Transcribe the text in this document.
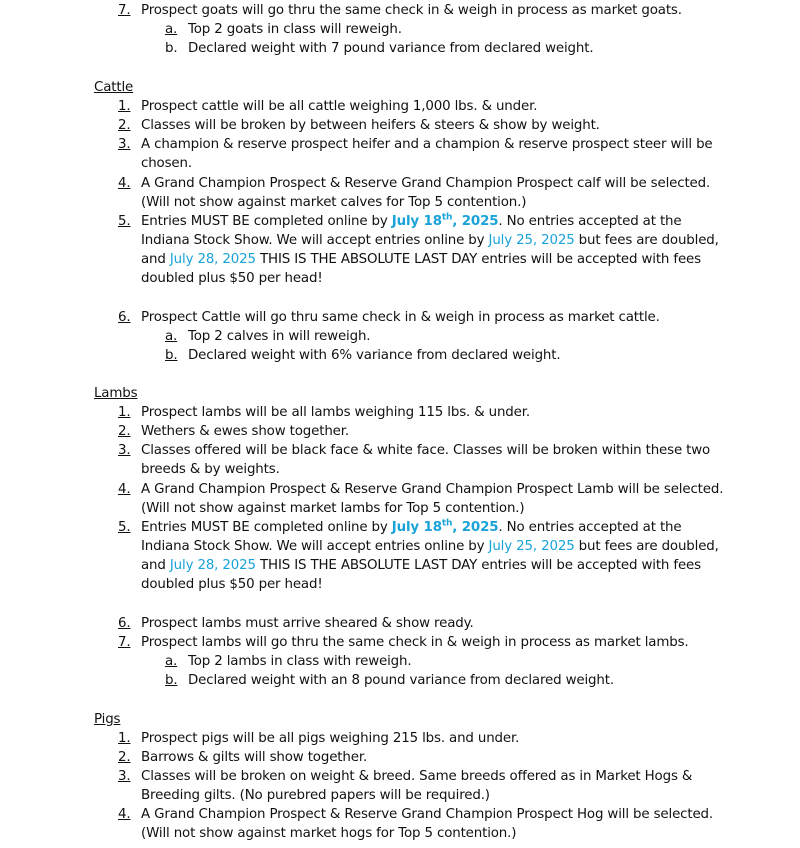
7. Prospect goats will go thru the same check in & weigh in process as market goats.
a. Top 2 goats in class will reweigh.
b. Declared weight with 7 pound variance from declared weight.
Cattle
1. Prospect cattle will be all cattle weighing 1,000 lbs. & under.
2. Classes will be broken by between heifers & steers & show by weight.
3. A champion & reserve prospect heifer and a champion & reserve prospect steer will be
chosen.
4. A Grand Champion Prospect & Reserve Grand Champion Prospect calf will be selected.
(Will not show against market calves for Top 5 contention.)
5. Entries MUST BE completed online by July 18th, 2025. No entries accepted at the
Indiana Stock Show. We will accept entries online by July 25, 2025 but fees are doubled,
and July 28, 2025 THIS IS THE ABSOLUTE LAST DAY entries will be accepted with fees
doubled plus $50 per head!
6. Prospect Cattle will go thru same check in & weigh in process as market cattle.
a. Top 2 calves in will reweigh.
b. Declared weight with 6% variance from declared weight.
Lambs
1. Prospect lambs will be all lambs weighing 115 lbs. & under.
2. Wethers & ewes show together.
3. Classes offered will be black face & white face. Classes will be broken within these two
breeds & by weights.
4. A Grand Champion Prospect & Reserve Grand Champion Prospect Lamb will be selected.
(Will not show against market lambs for Top 5 contention.)
5. Entries MUST BE completed online by July 18th, 2025. No entries accepted at the
Indiana Stock Show. We will accept entries online by July 25, 2025 but fees are doubled,
and July 28, 2025 THIS IS THE ABSOLUTE LAST DAY entries will be accepted with fees
doubled plus $50 per head!
6. Prospect lambs must arrive sheared & show ready.
7. Prospect lambs will go thru the same check in & weigh in process as market lambs.
a. Top 2 lambs in class with reweigh.
b. Declared weight with an 8 pound variance from declared weight.
Pigs
1. Prospect pigs will be all pigs weighing 215 lbs. and under.
2. Barrows & gilts will show together.
3. Classes will be broken on weight & breed. Same breeds offered as in Market Hogs &
Breeding gilts. (No purebred papers will be required.)
4. A Grand Champion Prospect & Reserve Grand Champion Prospect Hog will be selected.
(Will not show against market hogs for Top 5 contention.)
